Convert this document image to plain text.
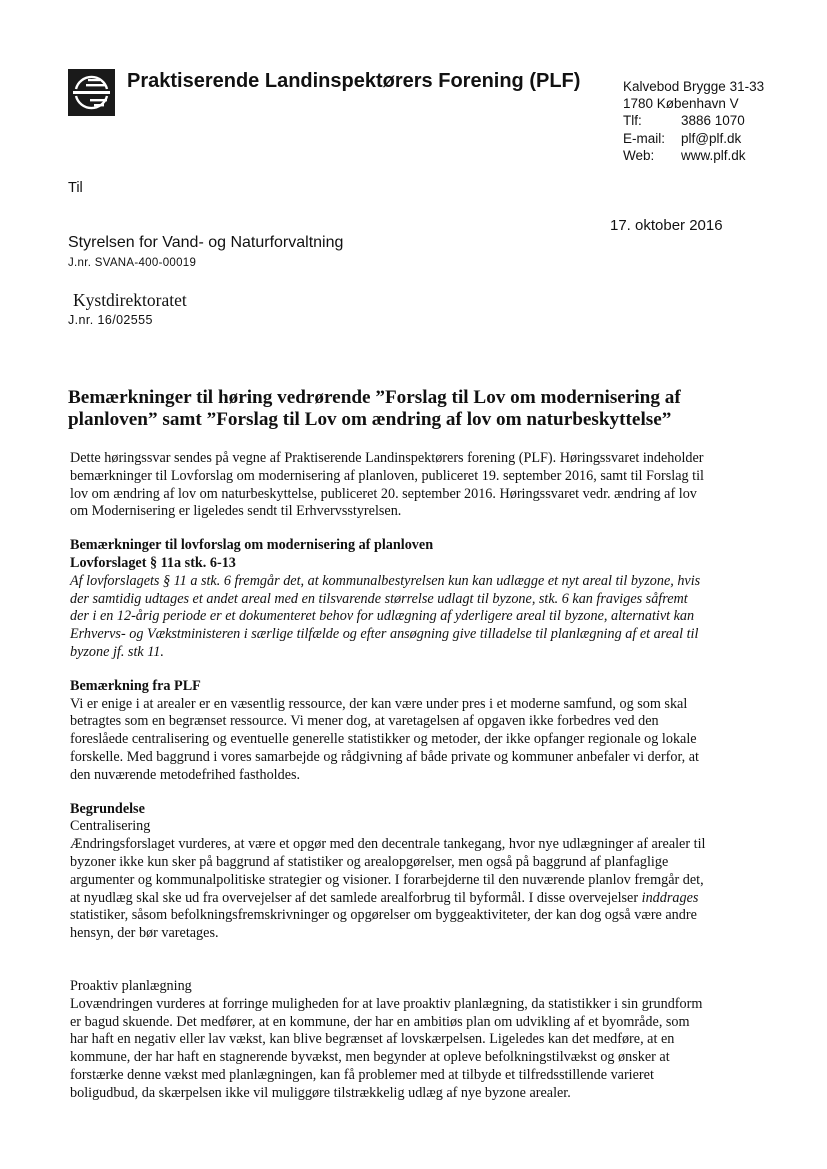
Praktiserende Landinspektørers Forening (PLF)	Kalvebod Brygge 31-33
1780 København V
Tlf:	3886 1070
E-mail: plf@plf.dk
Web: www.plf.dk
Til
17. oktober 2016
Styrelsen for Vand- og Naturforvaltning
J.nr. SVANA-400-00019
Kystdirektoratet
J.nr. 16/02555
Bemærkninger til høring vedrørende ”Forslag til Lov om modernisering af
planloven” samt ”Forslag til Lov om ændring af lov om naturbeskyttelse”
Dette høringssvar sendes på vegne af Praktiserende Landinspektørers forening (PLF). Høringssvaret indeholder
bemærkninger til Lovforslag om modernisering af planloven, publiceret 19. september 2016, samt til Forslag til
lov om ændring af lov om naturbeskyttelse, publiceret 20. september 2016. Høringssvaret vedr. ændring af lov
om Modernisering er ligeledes sendt til Erhvervsstyrelsen.
Bemærkninger til lovforslag om modernisering af planloven
Lovforslaget § 11a stk. 6-13
Af lovforslagets § 11 a stk. 6 fremgår det, at kommunalbestyrelsen kun kan udlægge et nyt areal til byzone, hvis
der samtidig udtages et andet areal med en tilsvarende størrelse udlagt til byzone, stk. 6 kan fraviges såfremt
der i en 12-årig periode er et dokumenteret behov for udlægning af yderligere areal til byzone, alternativt kan
Erhvervs- og Vækstministeren i særlige tilfælde og efter ansøgning give tilladelse til planlægning af et areal til
byzone jf. stk 11.
Bemærkning fra PLF
Vi er enige i at arealer er en væsentlig ressource, der kan være under pres i et moderne samfund, og som skal
betragtes som en begrænset ressource. Vi mener dog, at varetagelsen af opgaven ikke forbedres ved den
foreslåede centralisering og eventuelle generelle statistikker og metoder, der ikke opfanger regionale og lokale
forskelle. Med baggrund i vores samarbejde og rådgivning af både private og kommuner anbefaler vi derfor, at
den nuværende metodefrihed fastholdes.
Begrundelse
Centralisering
Ændringsforslaget vurderes, at være et opgør med den decentrale tankegang, hvor nye udlægninger af arealer til
byzoner ikke kun sker på baggrund af statistiker og arealopgørelser, men også på baggrund af planfaglige
argumenter og kommunalpolitiske strategier og visioner. I forarbejderne til den nuværende planlov fremgår det,
at nyudlæg skal ske ud fra overvejelser af det samlede arealforbrug til byformål. I disse overvejelser inddrages
statistiker, såsom befolkningsfremskrivninger og opgørelser om byggeaktiviteter, der kan dog også være andre
hensyn, der bør varetages.
Proaktiv planlægning
Lovændringen vurderes at forringe muligheden for at lave proaktiv planlægning, da statistikker i sin grundform
er bagud skuende. Det medfører, at en kommune, der har en ambitiøs plan om udvikling af et byområde, som
har haft en negativ eller lav vækst, kan blive begrænset af lovskærpelsen. Ligeledes kan det medføre, at en
kommune, der har haft en stagnerende byvækst, men begynder at opleve befolkningstilvækst og ønsker at
forstærke denne vækst med planlægningen, kan få problemer med at tilbyde et tilfredsstillende varieret
boligudbud, da skærpelsen ikke vil muliggøre tilstrækkelig udlæg af nye byzone arealer.
